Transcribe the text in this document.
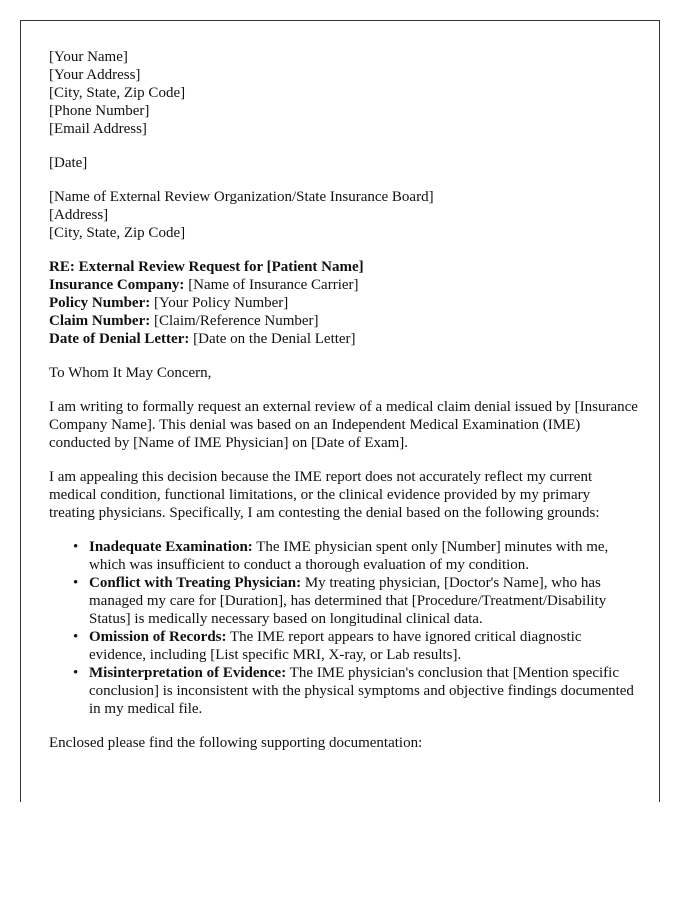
[Your Name]
[Your Address]
[City, State, Zip Code]
[Phone Number]
[Email Address]
[Date]
[Name of External Review Organization/State Insurance Board]
[Address]
[City, State, Zip Code]
RE: External Review Request for [Patient Name]
Insurance Company: [Name of Insurance Carrier]
Policy Number: [Your Policy Number]
Claim Number: [Claim/Reference Number]
Date of Denial Letter: [Date on the Denial Letter]

To Whom It May Concern,

I am writing to formally request an external review of a medical claim denial issued by [Insurance Company Name]. This denial was based on an Independent Medical Examination (IME) conducted by [Name of IME Physician] on [Date of Exam].

I am appealing this decision because the IME report does not accurately reflect my current medical condition, functional limitations, or the clinical evidence provided by my primary treating physicians. Specifically, I am contesting the denial based on the following grounds:

• Inadequate Examination: The IME physician spent only [Number] minutes with me, which was insufficient to conduct a thorough evaluation of my condition.
• Conflict with Treating Physician: My treating physician, [Doctor's Name], who has managed my care for [Duration], has determined that [Procedure/Treatment/Disability Status] is medically necessary based on longitudinal clinical data.
• Omission of Records: The IME report appears to have ignored critical diagnostic evidence, including [List specific MRI, X-ray, or Lab results].
• Misinterpretation of Evidence: The IME physician's conclusion that [Mention specific conclusion] is inconsistent with the physical symptoms and objective findings documented in my medical file.

Enclosed please find the following supporting documentation:
